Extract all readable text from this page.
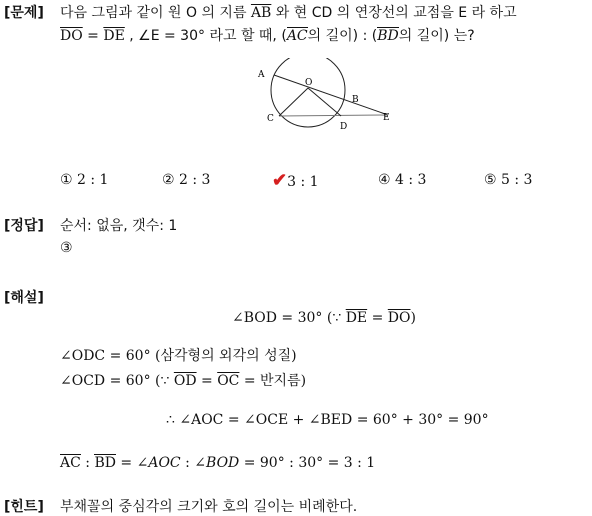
[문제] 다음 그림과 같이 원 O 의 지름 $\overline{AB}$ 와 현 CD 의 연장선의 교점을 E 라 하고
$\overline{DO} = \overline{DE}$ , ∠E = 30° 라고 할 때, (AC의 길이) : (BD의 길이) 는?
A
O
B
C
D
E
① 2 : 1	② 2 : 3	✔3 : 1	④ 4 : 3	⑤ 5 : 3
[정답] 순서: 없음, 갯수: 1
③
[해설]
∠BOD = 30° (∵ $\overline{DE} = \overline{DO}$)
∠ODC = 60° (삼각형의 외각의 성질)
∠OCD = 60° (∵ $\overline{OD} = \overline{OC}$ = 반지름)
∴ ∠AOC = ∠OCE + ∠BED = 60° + 30° = 90°
AC : BD = ∠AOC : ∠BOD = 90° : 30° = 3 : 1
[힌트] 부채꼴의 중심각의 크기와 호의 길이는 비례한다.
